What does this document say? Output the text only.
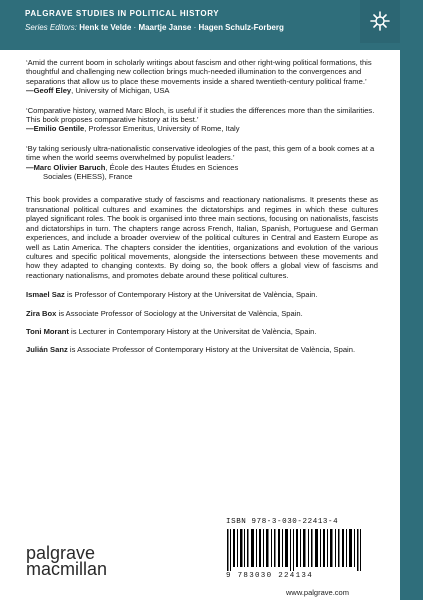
PALGRAVE STUDIES IN POLITICAL HISTORY
Series Editors: Henk te Velde · Maartje Janse · Hagen Schulz-Forberg
‘Amid the current boom in scholarly writings about fascism and other right-wing political formations, this thoughtful and challenging new collection brings much-needed illumination to the convergences and separations that allow us to place these movements inside a shared twentieth-century political frame.’
—Geoff Eley, University of Michigan, USA
‘Comparative history, warned Marc Bloch, is useful if it studies the differences more than the similarities. This book proposes comparative history at its best.’
—Emilio Gentile, Professor Emeritus, University of Rome, Italy
‘By taking seriously ultra-nationalistic conservative ideologies of the past, this gem of a book comes at a time when the world seems overwhelmed by populist leaders.’
—Marc Olivier Baruch, École des Hautes Études en Sciences
Sociales (EHESS), France
This book provides a comparative study of fascisms and reactionary nationalisms. It presents these as transnational political cultures and examines the dictatorships and regimes in which these cultures played significant roles. The book is organised into three main sections, focusing on nationalists, fascists and dictatorships in turn. The chapters range across French, Italian, Spanish, Portuguese and German experiences, and include a broader overview of the political cultures in Central and Eastern Europe as well as Latin America. The chapters consider the identities, organizations and evolution of the various cultures and specific political movements, alongside the intersections between these movements and how they adapted to changing contexts. By doing so, the book offers a global view of fascisms and reactionary nationalisms, and promotes debate around these political cultures.
Ismael Saz is Professor of Contemporary History at the Universitat de València, Spain.
Zira Box is Associate Professor of Sociology at the Universitat de València, Spain.
Toni Morant is Lecturer in Contemporary History at the Universitat de València, Spain.
Julián Sanz is Associate Professor of Contemporary History at the Universitat de València, Spain.
palgrave
macmillan
ISBN 978-3-030-22413-4
9 783030 224134
www.palgrave.com
